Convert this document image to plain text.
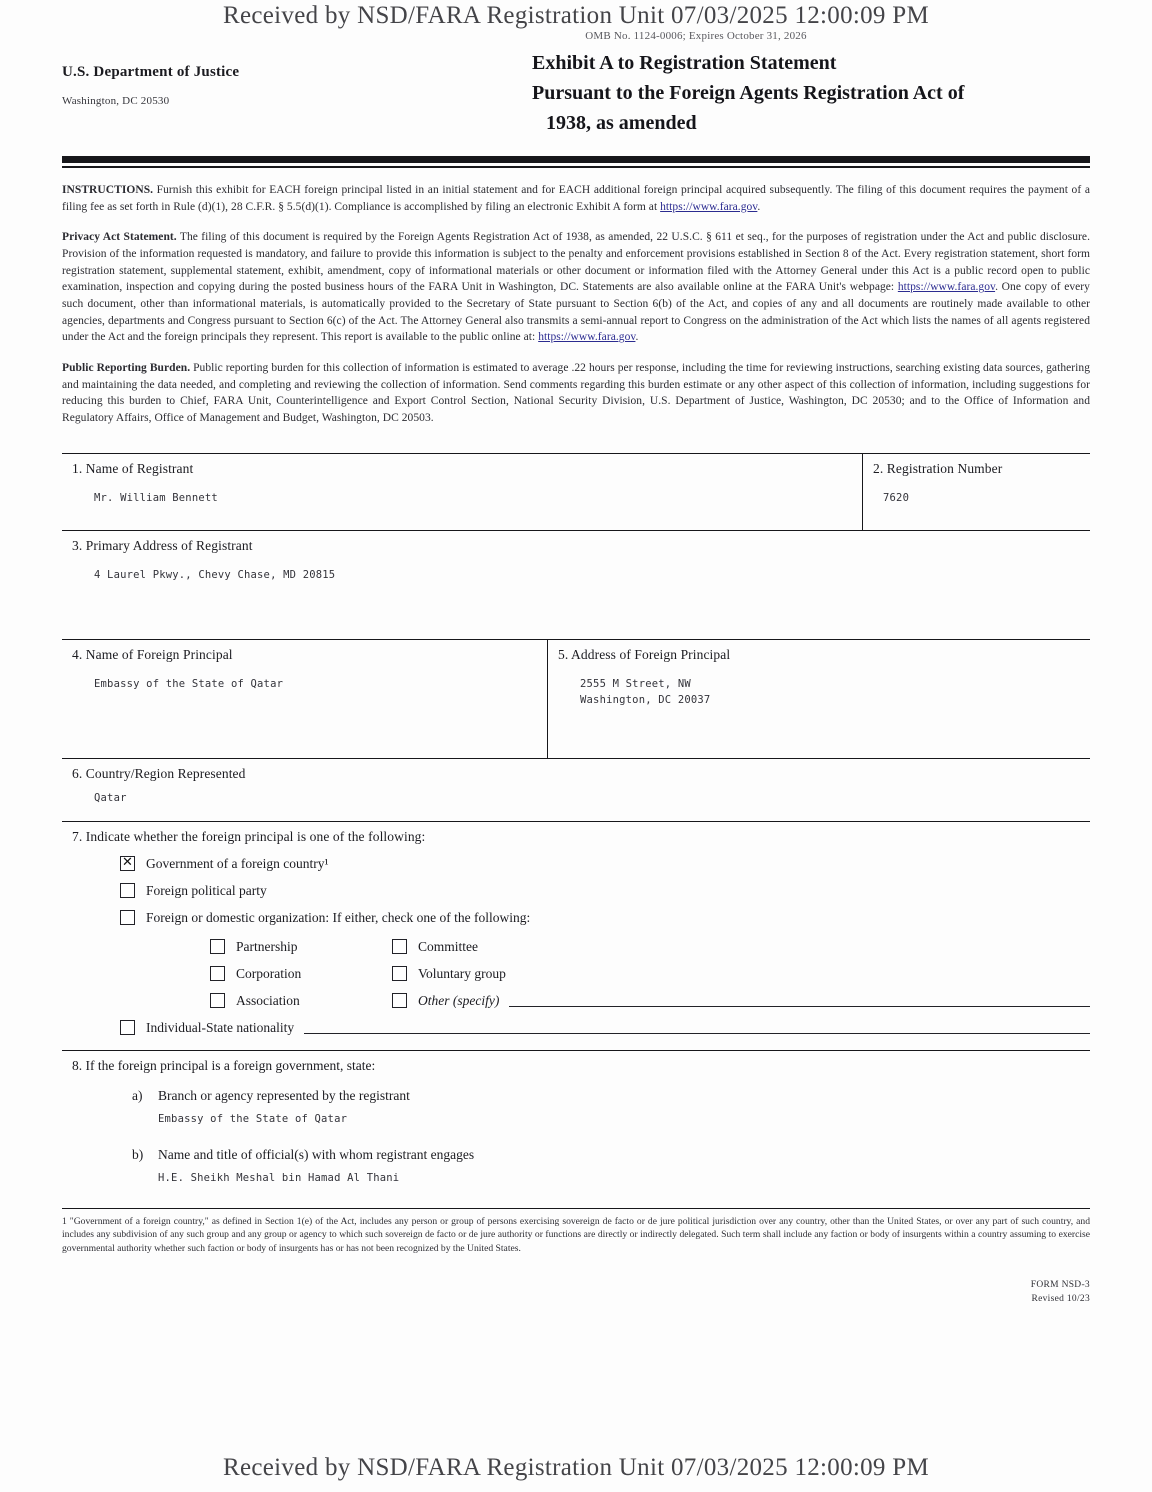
Received by NSD/FARA Registration Unit 07/03/2025 12:00:09 PM
OMB No. 1124-0006; Expires October 31, 2026
U.S. Department of Justice
Washington, DC 20530
Exhibit A to Registration Statement
Pursuant to the Foreign Agents Registration Act of
1938, as amended
INSTRUCTIONS. Furnish this exhibit for EACH foreign principal listed in an initial statement and for EACH additional foreign principal acquired subsequently. The filing of this document requires the payment of a filing fee as set forth in Rule (d)(1), 28 C.F.R. § 5.5(d)(1). Compliance is accomplished by filing an electronic Exhibit A form at https://www.fara.gov.
Privacy Act Statement. The filing of this document is required by the Foreign Agents Registration Act of 1938, as amended, 22 U.S.C. § 611 et seq., for the purposes of registration under the Act and public disclosure. Provision of the information requested is mandatory, and failure to provide this information is subject to the penalty and enforcement provisions established in Section 8 of the Act. Every registration statement, short form registration statement, supplemental statement, exhibit, amendment, copy of informational materials or other document or information filed with the Attorney General under this Act is a public record open to public examination, inspection and copying during the posted business hours of the FARA Unit in Washington, DC. Statements are also available online at the FARA Unit's webpage: https://www.fara.gov. One copy of every such document, other than informational materials, is automatically provided to the Secretary of State pursuant to Section 6(b) of the Act, and copies of any and all documents are routinely made available to other agencies, departments and Congress pursuant to Section 6(c) of the Act. The Attorney General also transmits a semi-annual report to Congress on the administration of the Act which lists the names of all agents registered under the Act and the foreign principals they represent. This report is available to the public online at: https://www.fara.gov.
Public Reporting Burden. Public reporting burden for this collection of information is estimated to average .22 hours per response, including the time for reviewing instructions, searching existing data sources, gathering and maintaining the data needed, and completing and reviewing the collection of information. Send comments regarding this burden estimate or any other aspect of this collection of information, including suggestions for reducing this burden to Chief, FARA Unit, Counterintelligence and Export Control Section, National Security Division, U.S. Department of Justice, Washington, DC 20530; and to the Office of Information and Regulatory Affairs, Office of Management and Budget, Washington, DC 20503.
1. Name of Registrant
Mr. William Bennett
2. Registration Number
7620
3. Primary Address of Registrant
4 Laurel Pkwy., Chevy Chase, MD 20815
4. Name of Foreign Principal
Embassy of the State of Qatar
5. Address of Foreign Principal
2555 M Street, NW
Washington, DC 20037
6. Country/Region Represented
Qatar
7. Indicate whether the foreign principal is one of the following:
✕
Government of a foreign country¹
Foreign political party
Foreign or domestic organization: If either, check one of the following:
Partnership
Corporation
Association
Committee
Voluntary group
Other (specify)
Individual-State nationality
8. If the foreign principal is a foreign government, state:
a)	Branch or agency represented by the registrant
Embassy of the State of Qatar
b)	Name and title of official(s) with whom registrant engages
H.E. Sheikh Meshal bin Hamad Al Thani
1 "Government of a foreign country," as defined in Section 1(e) of the Act, includes any person or group of persons exercising sovereign de facto or de jure political jurisdiction over any country, other than the United States, or over any part of such country, and includes any subdivision of any such group and any group or agency to which such sovereign de facto or de jure authority or functions are directly or indirectly delegated. Such term shall include any faction or body of insurgents within a country assuming to exercise governmental authority whether such faction or body of insurgents has or has not been recognized by the United States.
FORM NSD-3
Revised 10/23
Received by NSD/FARA Registration Unit 07/03/2025 12:00:09 PM
